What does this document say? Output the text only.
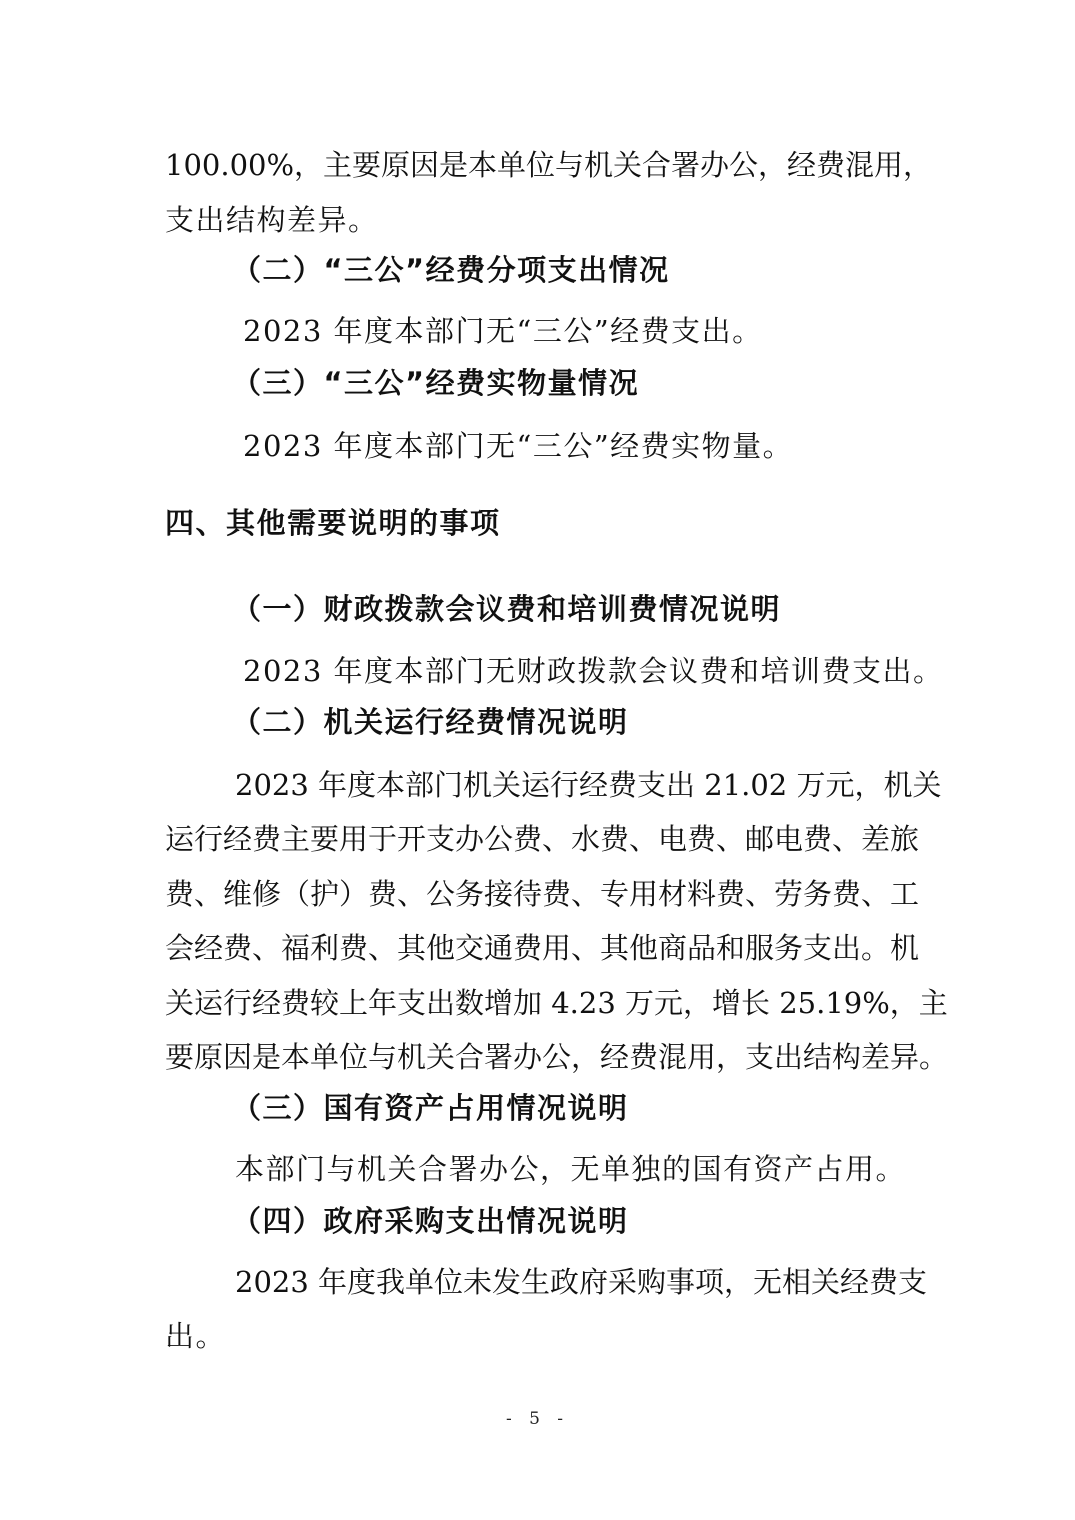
100.00%，主要原因是本单位与机关合署办公，经费混用，
支出结构差异。
（二）“三公”经费分项支出情况
2023 年度本部门无“三公”经费支出。
（三）“三公”经费实物量情况
2023 年度本部门无“三公”经费实物量。
四、其他需要说明的事项
（一）财政拨款会议费和培训费情况说明
2023 年度本部门无财政拨款会议费和培训费支出。
（二）机关运行经费情况说明
2023 年度本部门机关运行经费支出 21.02 万元，机关
运行经费主要用于开支办公费、水费、电费、邮电费、差旅
费、维修（护）费、公务接待费、专用材料费、劳务费、工
会经费、福利费、其他交通费用、其他商品和服务支出。机
关运行经费较上年支出数增加 4.23 万元，增长 25.19%，主
要原因是本单位与机关合署办公，经费混用，支出结构差异。
（三）国有资产占用情况说明
本部门与机关合署办公，无单独的国有资产占用。
（四）政府采购支出情况说明
2023 年度我单位未发生政府采购事项，无相关经费支
出。
- 5 -
